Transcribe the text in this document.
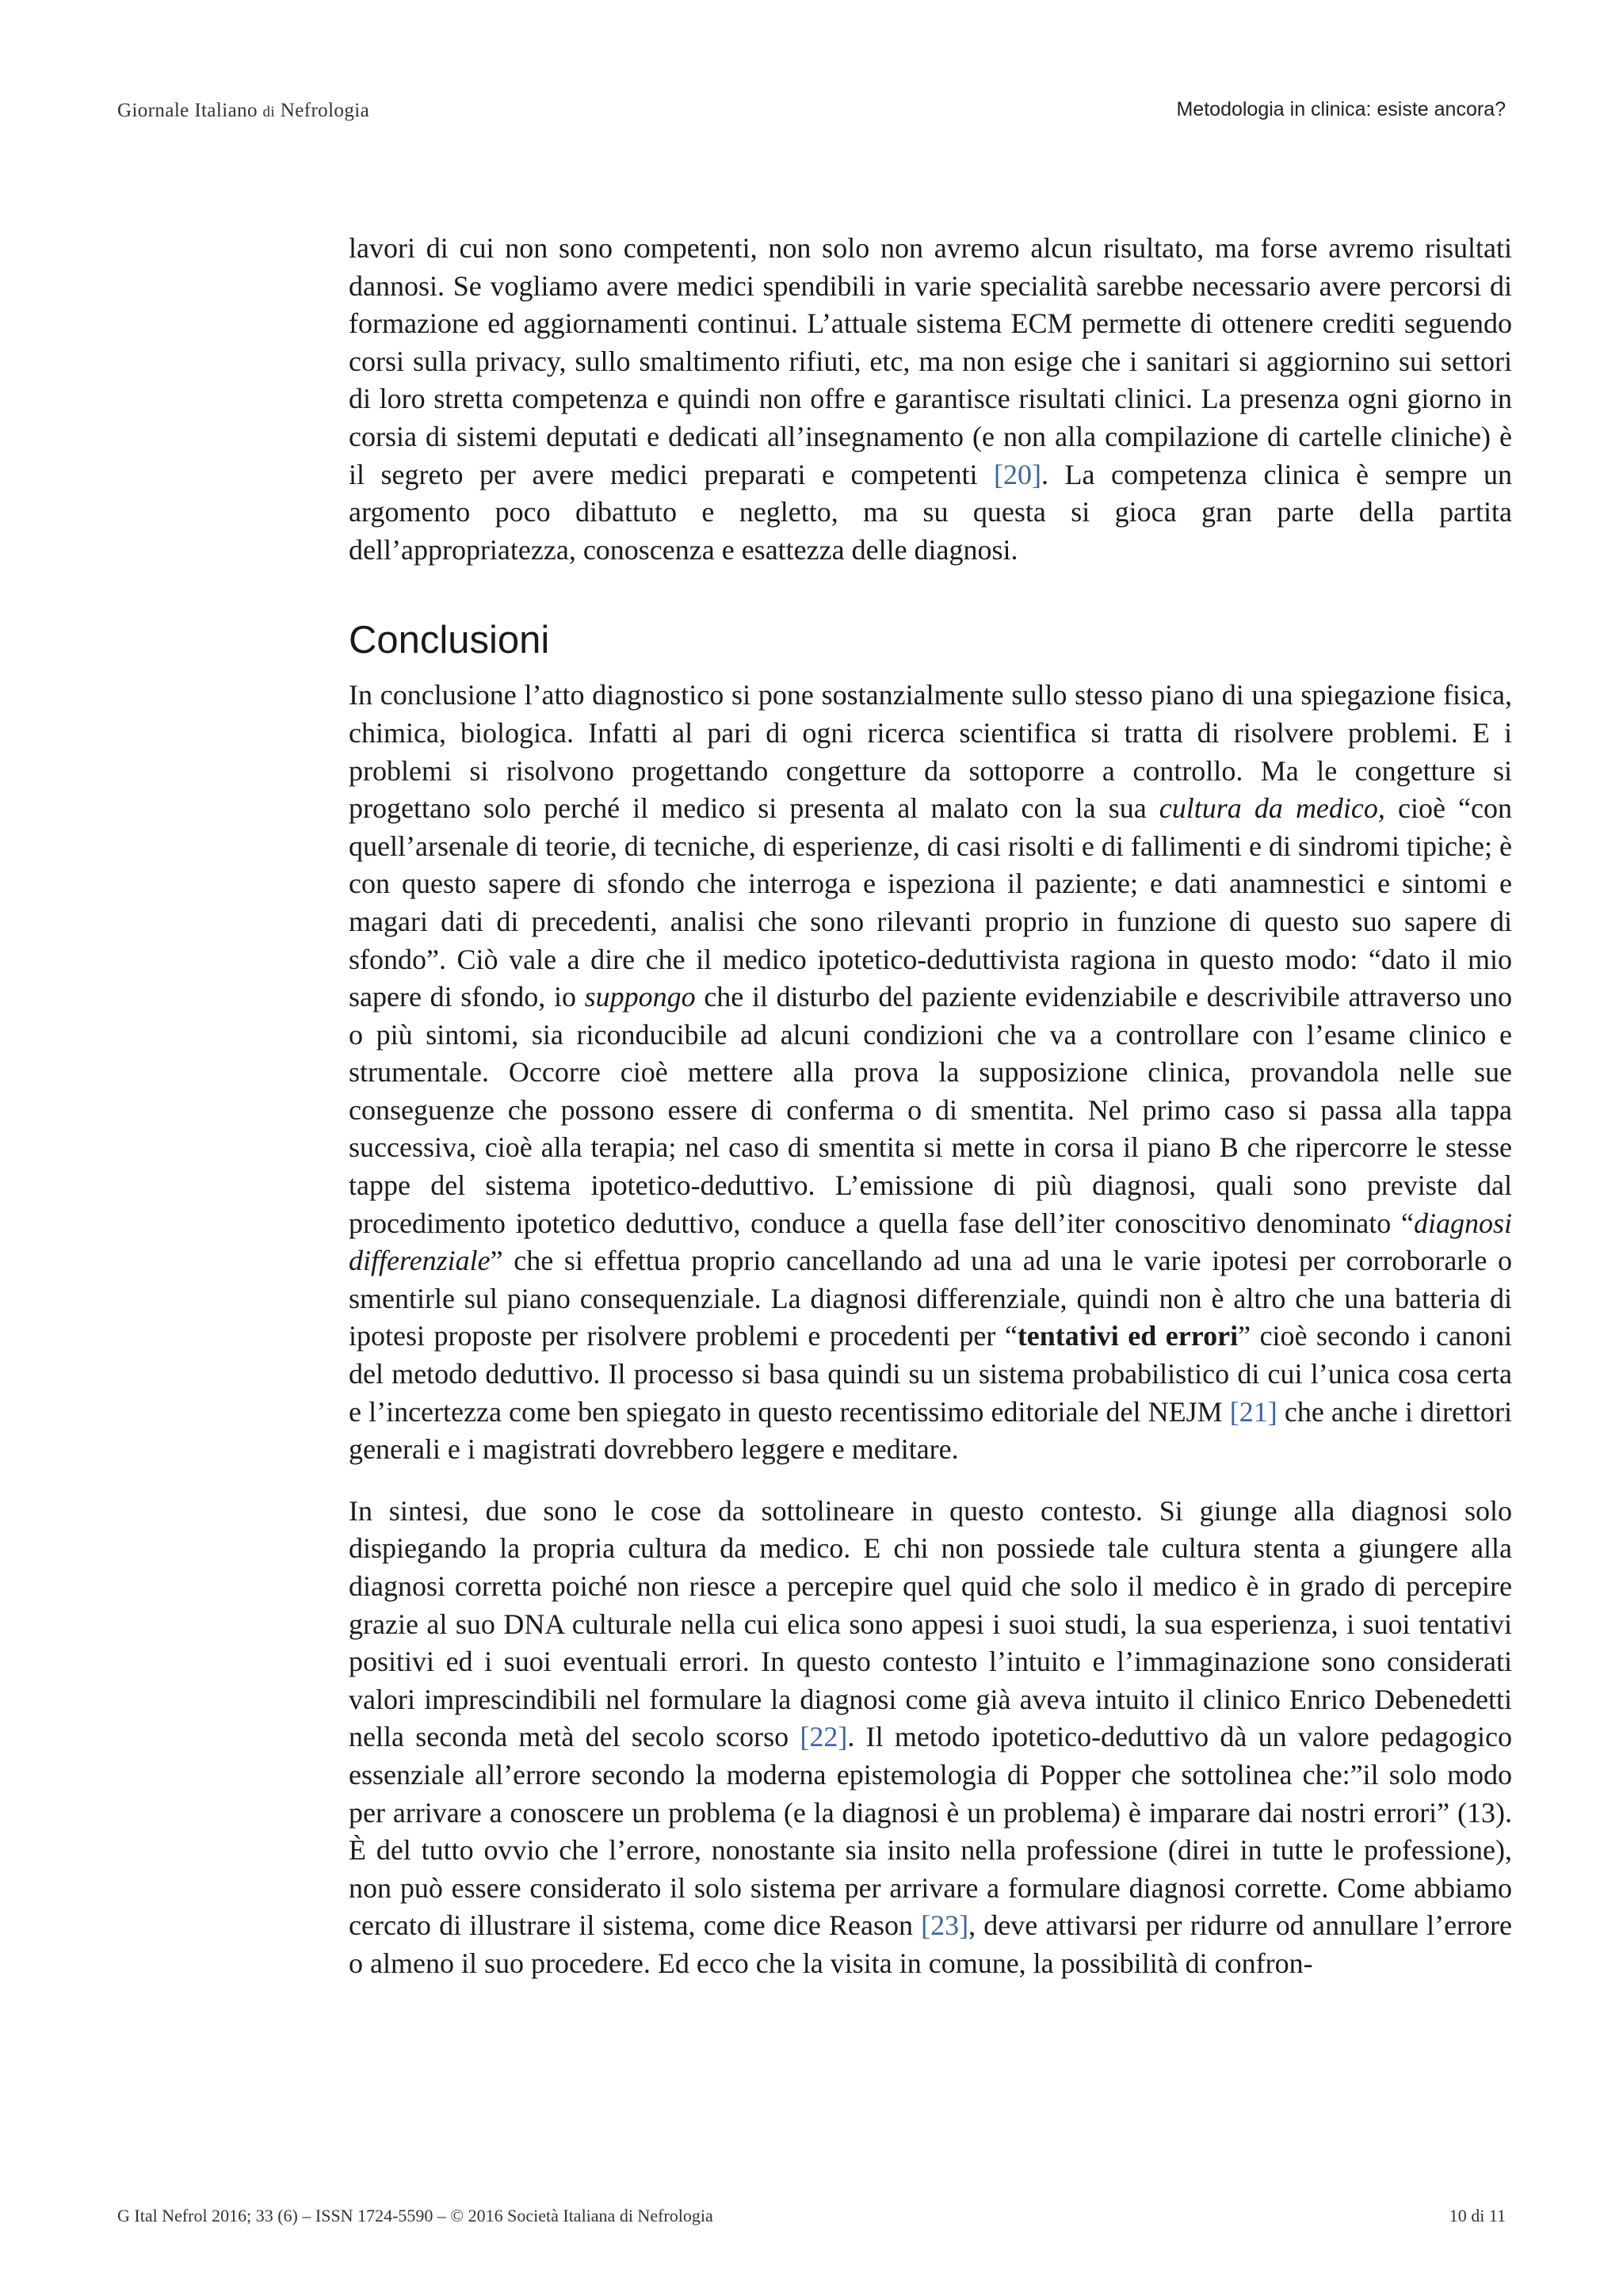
Giornale Italiano di Nefrologia	Metodologia in clinica: esiste ancora?

lavori di cui non sono competenti, non solo non avremo alcun risultato, ma forse avremo risultati dannosi. Se vogliamo avere medici spendibili in varie specialità sarebbe necessario avere percorsi di formazione ed aggiornamenti continui. L’attuale sistema ECM permette di ottenere crediti seguendo corsi sulla privacy, sullo smaltimento rifiuti, etc, ma non esige che i sanitari si aggiornino sui settori di loro stretta competenza e quindi non offre e garantisce risultati clinici. La presenza ogni giorno in corsia di sistemi deputati e dedicati all’insegnamento (e non alla compilazione di cartelle cliniche) è il segreto per avere medici preparati e competenti [20]. La competenza clinica è sempre un argomento poco dibattuto e negletto, ma su questa si gioca gran parte della partita dell’appropriatezza, conoscenza e esattezza delle diagnosi.

Conclusioni

In conclusione l’atto diagnostico si pone sostanzialmente sullo stesso piano di una spiegazione fisica, chimica, biologica. Infatti al pari di ogni ricerca scientifica si tratta di risolvere problemi. E i problemi si risolvono progettando congetture da sottoporre a controllo. Ma le congetture si progettano solo perché il medico si presenta al malato con la sua cultura da medico, cioè “con quell’arsenale di teorie, di tecniche, di esperienze, di casi risolti e di fallimenti e di sindromi tipiche; è con questo sapere di sfondo che interroga e ispeziona il paziente; e dati anamnestici e sintomi e magari dati di precedenti, analisi che sono rilevanti proprio in funzione di questo suo sapere di sfondo”. Ciò vale a dire che il medico ipotetico-deduttivista ragiona in questo modo: “dato il mio sapere di sfondo, io suppongo che il disturbo del paziente evidenziabile e descrivibile attraverso uno o più sintomi, sia riconducibile ad alcuni condizioni che va a controllare con l’esame clinico e strumentale. Occorre cioè mettere alla prova la supposizione clinica, provandola nelle sue conseguenze che possono essere di conferma o di smentita. Nel primo caso si passa alla tappa successiva, cioè alla terapia; nel caso di smentita si mette in corsa il piano B che ripercorre le stesse tappe del sistema ipotetico-deduttivo. L’emissione di più diagnosi, quali sono previste dal procedimento ipotetico deduttivo, conduce a quella fase dell’iter conoscitivo denominato “diagnosi differenziale” che si effettua proprio cancellando ad una ad una le varie ipotesi per corroborarle o smentirle sul piano consequenziale. La diagnosi differenziale, quindi non è altro che una batteria di ipotesi proposte per risolvere problemi e procedenti per “tentativi ed errori” cioè secondo i canoni del metodo deduttivo. Il processo si basa quindi su un sistema probabilistico di cui l’unica cosa certa e l’incertezza come ben spiegato in questo recentissimo editoriale del NEJM [21] che anche i direttori generali e i magistrati dovrebbero leggere e meditare.

In sintesi, due sono le cose da sottolineare in questo contesto. Si giunge alla diagnosi solo dispiegando la propria cultura da medico. E chi non possiede tale cultura stenta a giungere alla diagnosi corretta poiché non riesce a percepire quel quid che solo il medico è in grado di percepire grazie al suo DNA culturale nella cui elica sono appesi i suoi studi, la sua esperienza, i suoi tentativi positivi ed i suoi eventuali errori. In questo contesto l’intuito e l’immaginazione sono considerati valori imprescindibili nel formulare la diagnosi come già aveva intuito il clinico Enrico Debenedetti nella seconda metà del secolo scorso [22]. Il metodo ipotetico-deduttivo dà un valore pedagogico essenziale all’errore secondo la moderna epistemologia di Popper che sottolinea che:”il solo modo per arrivare a conoscere un problema (e la diagnosi è un problema) è imparare dai nostri errori” (13). È del tutto ovvio che l’errore, nonostante sia insito nella professione (direi in tutte le professione), non può essere considerato il solo sistema per arrivare a formulare diagnosi corrette. Come abbiamo cercato di illustrare il sistema, come dice Reason [23], deve attivarsi per ridurre od annullare l’errore o almeno il suo procedere. Ed ecco che la visita in comune, la possibilità di confron-

G Ital Nefrol 2016; 33 (6) – ISSN 1724-5590 – © 2016 Società Italiana di Nefrologia	10 di 11
